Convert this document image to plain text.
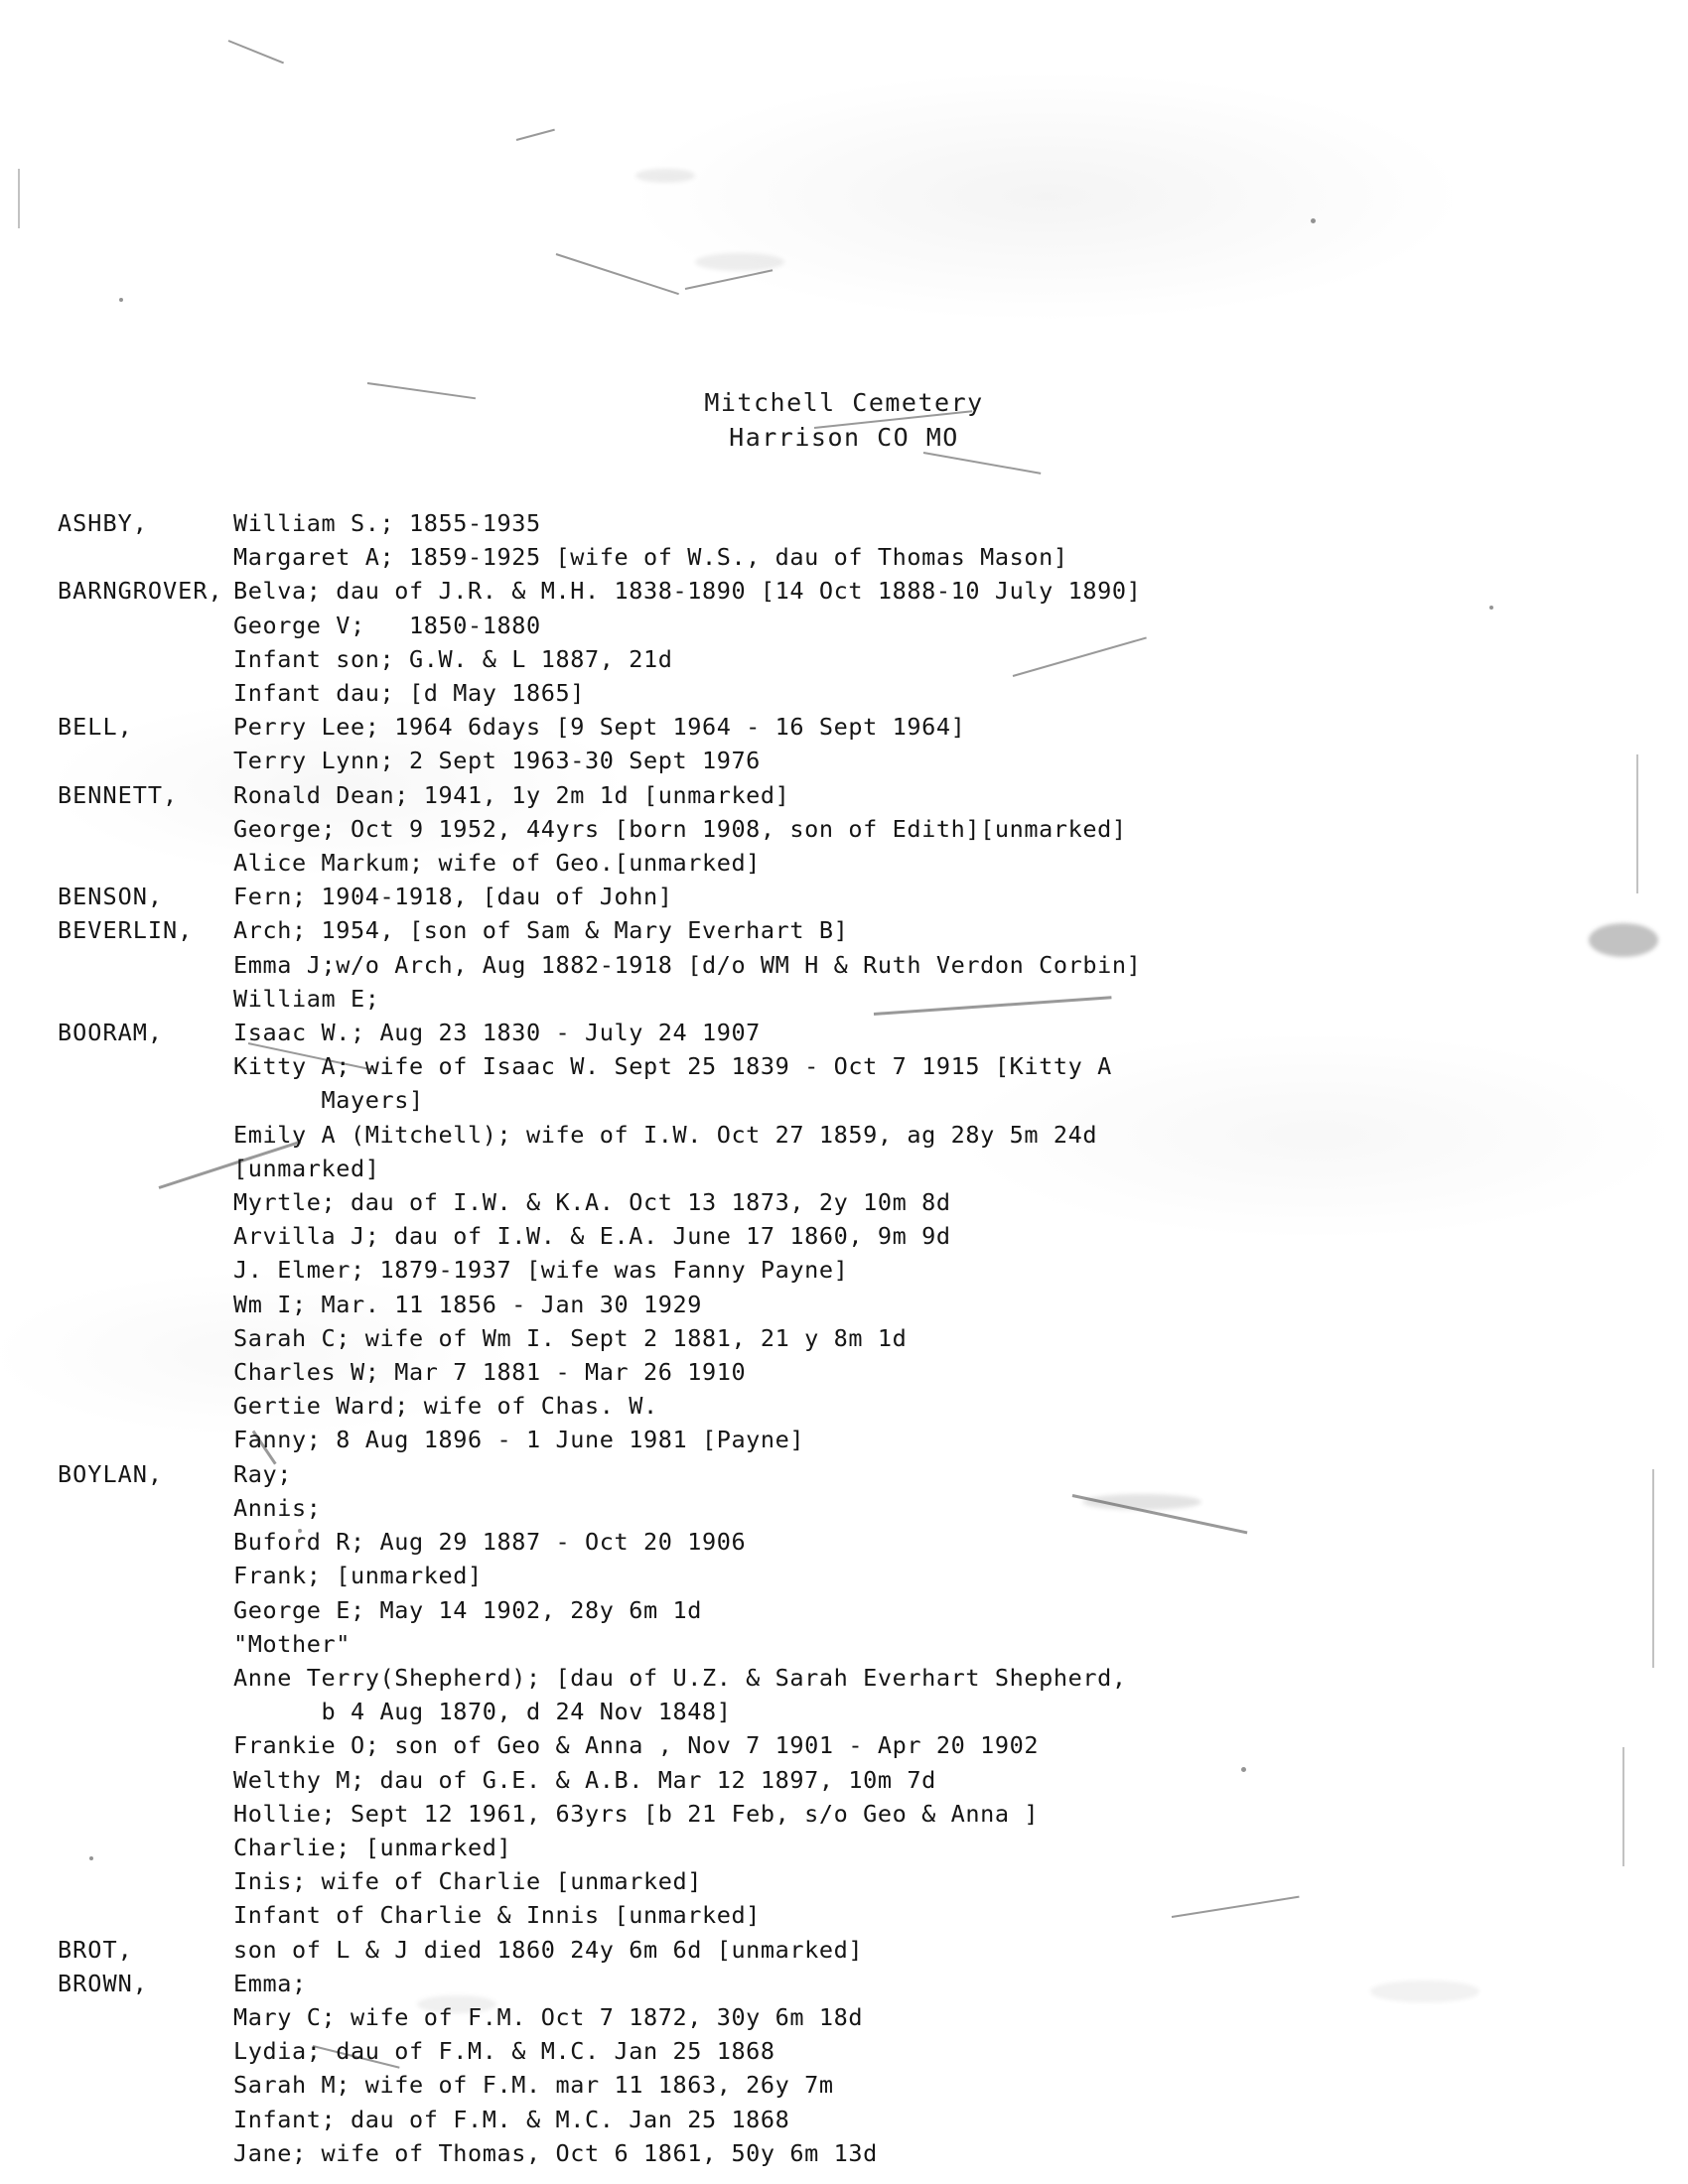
Mitchell Cemetery
Harrison CO MO
ASHBY,	William S.; 1855-1935
Margaret A; 1859-1925 [wife of W.S., dau of Thomas Mason]
BARNGROVER, Belva; dau of J.R. & M.H. 1838-1890 [14 Oct 1888-10 July 1890]
George V;   1850-1880
Infant son; G.W. & L 1887, 21d
Infant dau; [d May 1865]
BELL,	Perry Lee; 1964 6days [9 Sept 1964 - 16 Sept 1964]
Terry Lynn; 2 Sept 1963-30 Sept 1976
BENNETT,	Ronald Dean; 1941, 1y 2m 1d [unmarked]
George; Oct 9 1952, 44yrs [born 1908, son of Edith][unmarked]
Alice Markum; wife of Geo.[unmarked]
BENSON,	Fern; 1904-1918, [dau of John]
BEVERLIN,	Arch; 1954, [son of Sam & Mary Everhart B]
Emma J;w/o Arch, Aug 1882-1918 [d/o WM H & Ruth Verdon Corbin]
William E;
BOORAM,	Isaac W.; Aug 23 1830 - July 24 1907
Kitty A; wife of Isaac W. Sept 25 1839 - Oct 7 1915 [Kitty A
Mayers]
Emily A (Mitchell); wife of I.W. Oct 27 1859, ag 28y 5m 24d
[unmarked]
Myrtle; dau of I.W. & K.A. Oct 13 1873, 2y 10m 8d
Arvilla J; dau of I.W. & E.A. June 17 1860, 9m 9d
J. Elmer; 1879-1937 [wife was Fanny Payne]
Wm I; Mar. 11 1856 - Jan 30 1929
Sarah C; wife of Wm I. Sept 2 1881, 21 y 8m 1d
Charles W; Mar 7 1881 - Mar 26 1910
Gertie Ward; wife of Chas. W.
Fanny; 8 Aug 1896 - 1 June 1981 [Payne]
BOYLAN,	Ray;
Annis;
Buford R; Aug 29 1887 - Oct 20 1906
Frank; [unmarked]
George E; May 14 1902, 28y 6m 1d
"Mother"
Anne Terry(Shepherd); [dau of U.Z. & Sarah Everhart Shepherd,
b 4 Aug 1870, d 24 Nov 1848]
Frankie O; son of Geo & Anna , Nov 7 1901 - Apr 20 1902
Welthy M; dau of G.E. & A.B. Mar 12 1897, 10m 7d
Hollie; Sept 12 1961, 63yrs [b 21 Feb, s/o Geo & Anna ]
Charlie; [unmarked]
Inis; wife of Charlie [unmarked]
Infant of Charlie & Innis [unmarked]
BROT,	son of L & J died 1860 24y 6m 6d [unmarked]
BROWN,	Emma;
Mary C; wife of F.M. Oct 7 1872, 30y 6m 18d
Lydia; dau of F.M. & M.C. Jan 25 1868
Sarah M; wife of F.M. mar 11 1863, 26y 7m
Infant; dau of F.M. & M.C. Jan 25 1868
Jane; wife of Thomas, Oct 6 1861, 50y 6m 13d
